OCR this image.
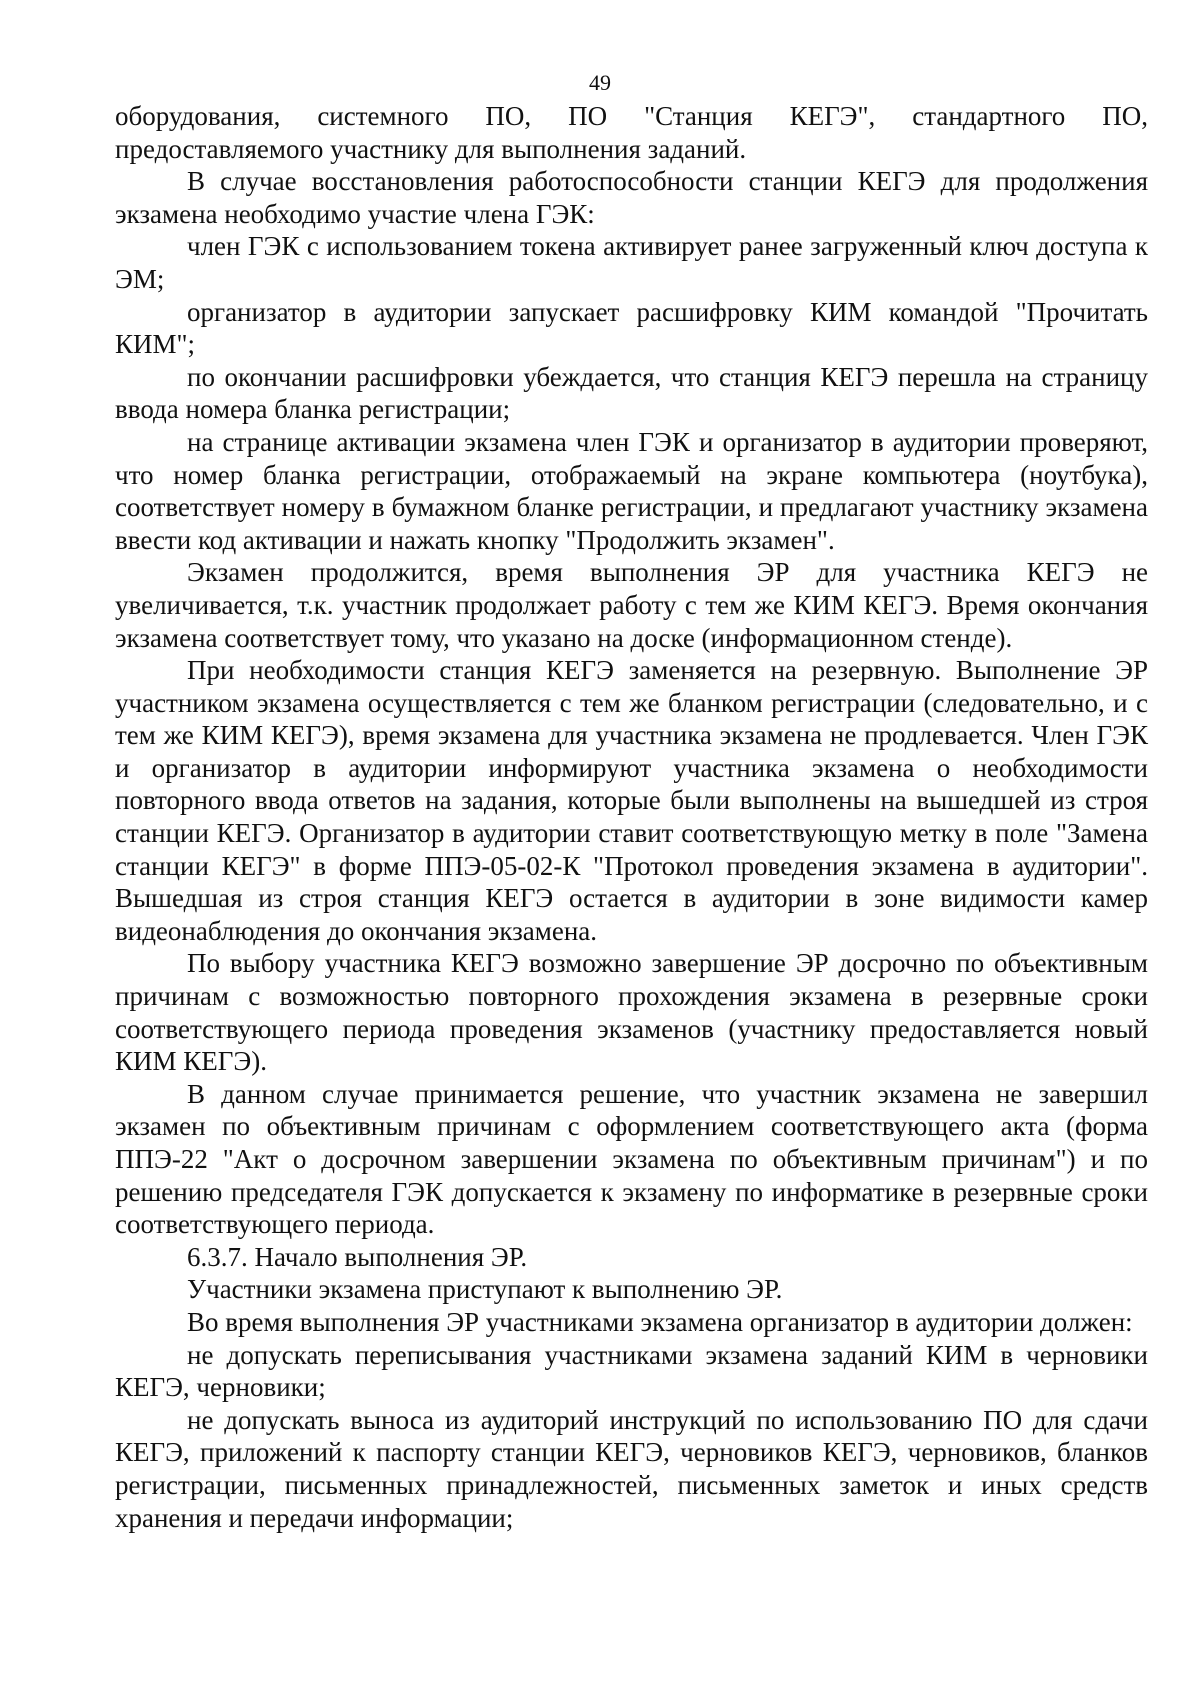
49

оборудования, системного ПО, ПО "Станция КЕГЭ", стандартного ПО, предоставляемого участнику для выполнения заданий.

В случае восстановления работоспособности станции КЕГЭ для продолжения экзамена необходимо участие члена ГЭК:

член ГЭК с использованием токена активирует ранее загруженный ключ доступа к ЭМ;

организатор в аудитории запускает расшифровку КИМ командой "Прочитать КИМ";

по окончании расшифровки убеждается, что станция КЕГЭ перешла на страницу ввода номера бланка регистрации;

на странице активации экзамена член ГЭК и организатор в аудитории проверяют, что номер бланка регистрации, отображаемый на экране компьютера (ноутбука), соответствует номеру в бумажном бланке регистрации, и предлагают участнику экзамена ввести код активации и нажать кнопку "Продолжить экзамен".

Экзамен продолжится, время выполнения ЭР для участника КЕГЭ не увеличивается, т.к. участник продолжает работу с тем же КИМ КЕГЭ. Время окончания экзамена соответствует тому, что указано на доске (информационном стенде).

При необходимости станция КЕГЭ заменяется на резервную. Выполнение ЭР участником экзамена осуществляется с тем же бланком регистрации (следовательно, и с тем же КИМ КЕГЭ), время экзамена для участника экзамена не продлевается. Член ГЭК и организатор в аудитории информируют участника экзамена о необходимости повторного ввода ответов на задания, которые были выполнены на вышедшей из строя станции КЕГЭ. Организатор в аудитории ставит соответствующую метку в поле "Замена станции КЕГЭ" в форме ППЭ-05-02-К "Протокол проведения экзамена в аудитории". Вышедшая из строя станция КЕГЭ остается в аудитории в зоне видимости камер видеонаблюдения до окончания экзамена.

По выбору участника КЕГЭ возможно завершение ЭР досрочно по объективным причинам с возможностью повторного прохождения экзамена в резервные сроки соответствующего периода проведения экзаменов (участнику предоставляется новый КИМ КЕГЭ).

В данном случае принимается решение, что участник экзамена не завершил экзамен по объективным причинам с оформлением соответствующего акта (форма ППЭ-22 "Акт о досрочном завершении экзамена по объективным причинам") и по решению председателя ГЭК допускается к экзамену по информатике в резервные сроки соответствующего периода.

6.3.7. Начало выполнения ЭР.

Участники экзамена приступают к выполнению ЭР.

Во время выполнения ЭР участниками экзамена организатор в аудитории должен:

не допускать переписывания участниками экзамена заданий КИМ в черновики КЕГЭ, черновики;

не допускать выноса из аудиторий инструкций по использованию ПО для сдачи КЕГЭ, приложений к паспорту станции КЕГЭ, черновиков КЕГЭ, черновиков, бланков регистрации, письменных принадлежностей, письменных заметок и иных средств хранения и передачи информации;
